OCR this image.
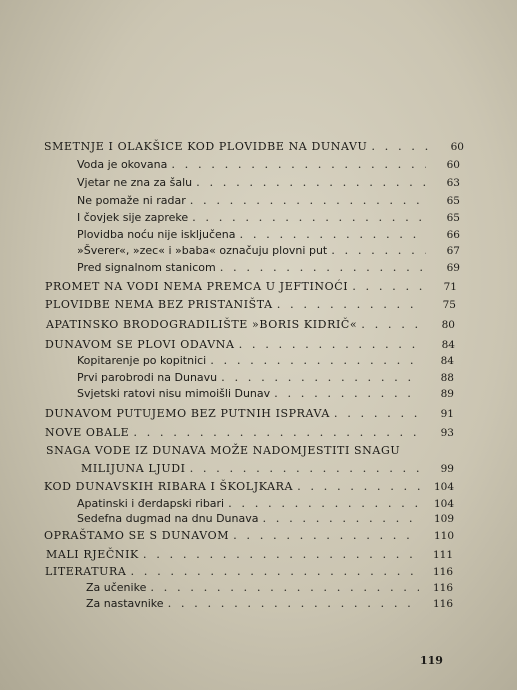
SMETNJE I OLAKŠICE KOD PLOVIDBE NA DUNAVU . . .	60
Voda je okovana . . .	60
Vjetar ne zna za šalu . . .	63
Ne pomaže ni radar . . .	65
I čovjek sije zapreke . . .	65
Plovidba noću nije isključena . . .	66
»Šverer«, »zec« i »baba« označuju plovni put . . .	67
Pred signalnom stanicom . . .	69
PROMET NA VODI NEMA PREMCA U JEFTINOĆI . . .	71
PLOVIDBE NEMA BEZ PRISTANIŠTA . . .	75
APATINSKO BRODOGRADILIŠTE »BORIS KIDRIČ« . . .	80
DUNAVOM SE PLOVI ODAVNA . . .	84
Kopitarenje po kopitnici . . .	84
Prvi parobrodi na Dunavu . . .	88
Svjetski ratovi nisu mimoišli Dunav . . .	89
DUNAVOM PUTUJEMO BEZ PUTNIH ISPRAVA . . .	91
NOVE OBALE . . .	93
SNAGA VODE IZ DUNAVA MOŽE NADOMJESTITI SNAGU
MILIJUNA LJUDI . . .	99
KOD DUNAVSKIH RIBARA I ŠKOLJKARA . . .	104
Apatinski i đerdapski ribari . . .	104
Sedefna dugmad na dnu Dunava . . .	109
OPRAŠTAMO SE S DUNAVOM . . .	110
MALI RJEČNIK . . .	111
LITERATURA . . .	116
Za učenike . . .	116
Za nastavnike . . .	116
119
